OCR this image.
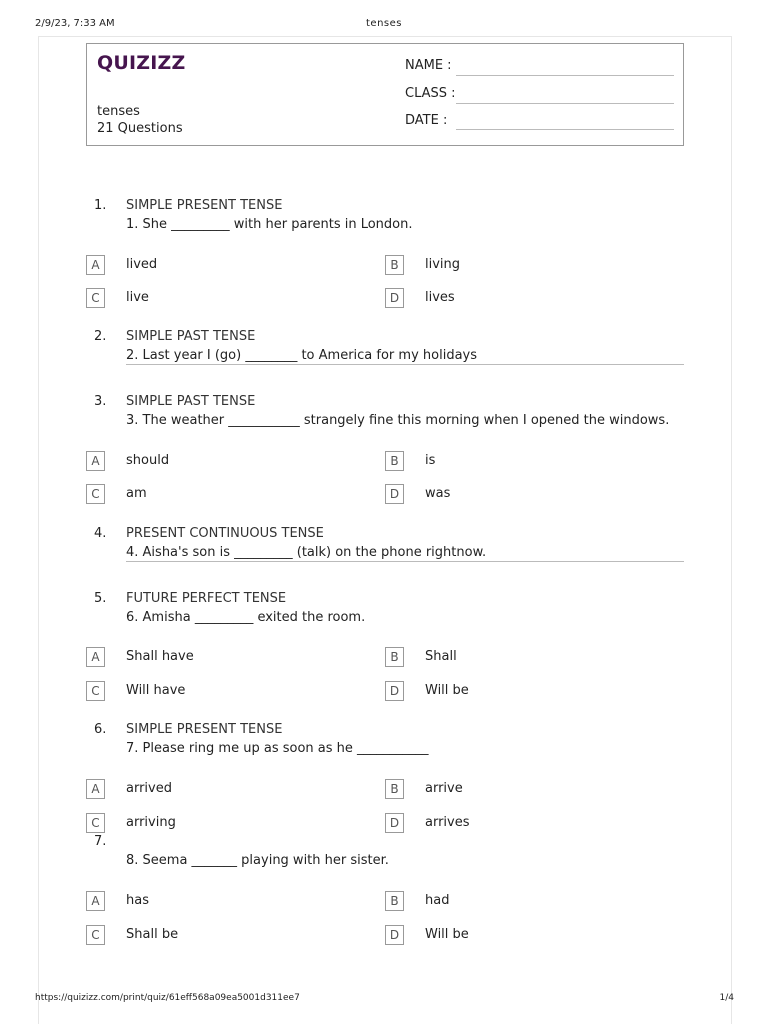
2/9/23, 7:33 AM	tenses
QUIZIZZ
tenses
21 Questions
NAME :
CLASS :
DATE :
1. SIMPLE PRESENT TENSE
1. She _________ with her parents in London.
A	lived	B	living
C	live	D	lives
2. SIMPLE PAST TENSE
2. Last year I (go) ________ to America for my holidays
3. SIMPLE PAST TENSE
3. The weather ___________ strangely fine this morning when I opened the windows.
A	should	B	is
C	am	D	was
4. PRESENT CONTINUOUS TENSE
4. Aisha's son is _________ (talk) on the phone rightnow.
5. FUTURE PERFECT TENSE
6. Amisha _________ exited the room.
A	Shall have	B	Shall
C	Will have	D	Will be
6. SIMPLE PRESENT TENSE
7. Please ring me up as soon as he ___________
A	arrived	B	arrive
C	arriving	D	arrives
7.
8. Seema _______ playing with her sister.
A	has	B	had
C	Shall be	D	Will be
https://quizizz.com/print/quiz/61eff568a09ea5001d311ee7	1/4
